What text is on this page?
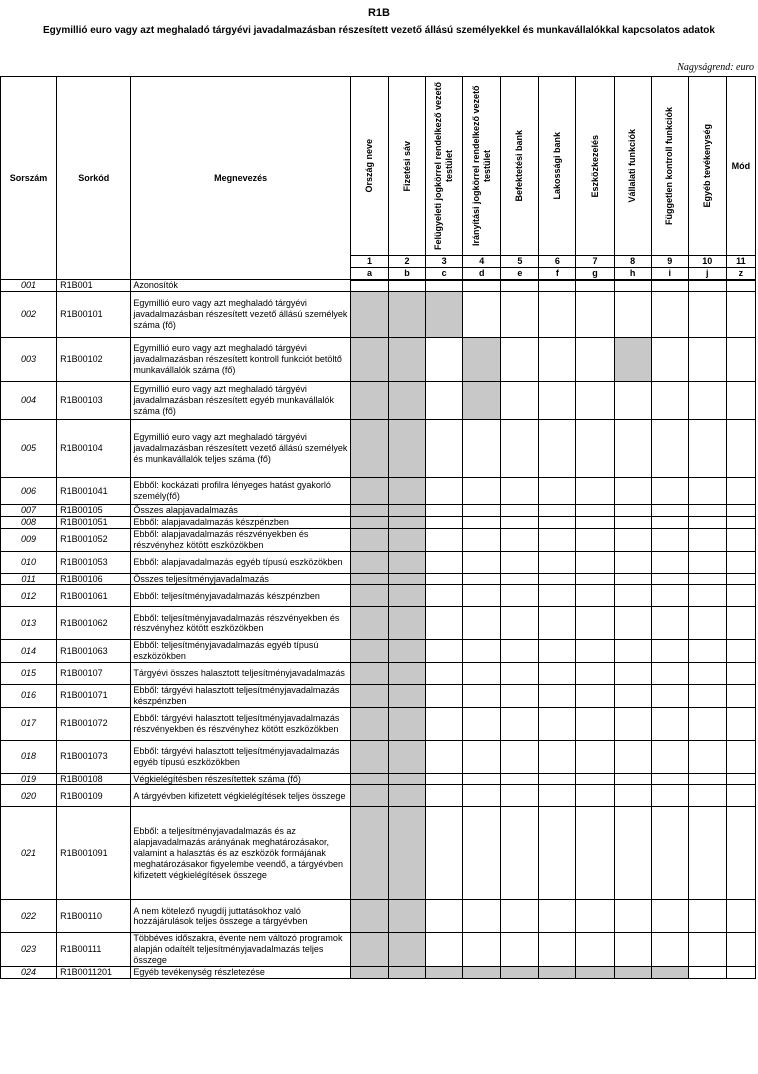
R1B
Egymillió euro vagy azt meghaladó tárgyévi javadalmazásban részesített vezető állású személyekkel és munkavállalókkal kapcsolatos adatok
Nagyságrend: euro
Sorszám	Sorkód	Megnevezés	Ország neve	Fizetési sáv	Felügyeleti jogkörrel rendelkező vezető testület	Irányítási jogkörrel rendelkező vezető testület	Befektetési bank	Lakossági bank	Eszközkezelés	Vállalati funkciók	Független kontroll funkciók	Egyéb tevékenység	Mód
			1	2	3	4	5	6	7	8	9	10	11
			a	b	c	d	e	f	g	h	i	j	z
001	R1B001	Azonosítók											
002	R1B00101	Egymillió euro vagy azt meghaladó tárgyévi javadalmazásban részesített vezető állású személyek száma (fő)											
003	R1B00102	Egymillió euro vagy azt meghaladó tárgyévi javadalmazásban részesített kontroll funkciót betöltő munkavállalók száma (fő)											
004	R1B00103	Egymillió euro vagy azt meghaladó tárgyévi javadalmazásban részesített egyéb munkavállalók száma (fő)											
005	R1B00104	Egymillió euro vagy azt meghaladó tárgyévi javadalmazásban részesített vezető állású személyek és munkavállalók teljes száma (fő)											
006	R1B001041	Ebből: kockázati profilra lényeges hatást gyakorló személy(fő)											
007	R1B00105	Összes alapjavadalmazás											
008	R1B001051	Ebből: alapjavadalmazás készpénzben											
009	R1B001052	Ebből: alapjavadalmazás részvényekben és részvényhez kötött eszközökben											
010	R1B001053	Ebből: alapjavadalmazás egyéb típusú eszközökben											
011	R1B00106	Összes teljesítményjavadalmazás											
012	R1B001061	Ebből: teljesítményjavadalmazás készpénzben											
013	R1B001062	Ebből: teljesítményjavadalmazás részvényekben és részvényhez kötött eszközökben											
014	R1B001063	Ebből: teljesítményjavadalmazás egyéb típusú eszközökben											
015	R1B00107	Tárgyévi összes halasztott teljesítményjavadalmazás											
016	R1B001071	Ebből: tárgyévi halasztott teljesítményjavadalmazás készpénzben											
017	R1B001072	Ebből: tárgyévi halasztott teljesítményjavadalmazás részvényekben és részvényhez kötött eszközökben											
018	R1B001073	Ebből: tárgyévi halasztott teljesítményjavadalmazás egyéb típusú eszközökben											
019	R1B00108	Végkielégítésben részesítettek száma (fő)											
020	R1B00109	A tárgyévben kifizetett végkielégítések teljes összege											
021	R1B001091	Ebből: a teljesítményjavadalmazás és az alapjavadalmazás arányának meghatározásakor, valamint a halasztás és az eszközök formájának meghatározásakor figyelembe veendő, a tárgyévben kifizetett végkielégítések összege											
022	R1B00110	A nem kötelező nyugdíj juttatásokhoz való hozzájárulások teljes összege a tárgyévben											
023	R1B00111	Többéves időszakra, évente nem változó programok alapján odaítélt teljesítményjavadalmazás teljes összege											
024	R1B0011201	Egyéb tevékenység részletezése											
